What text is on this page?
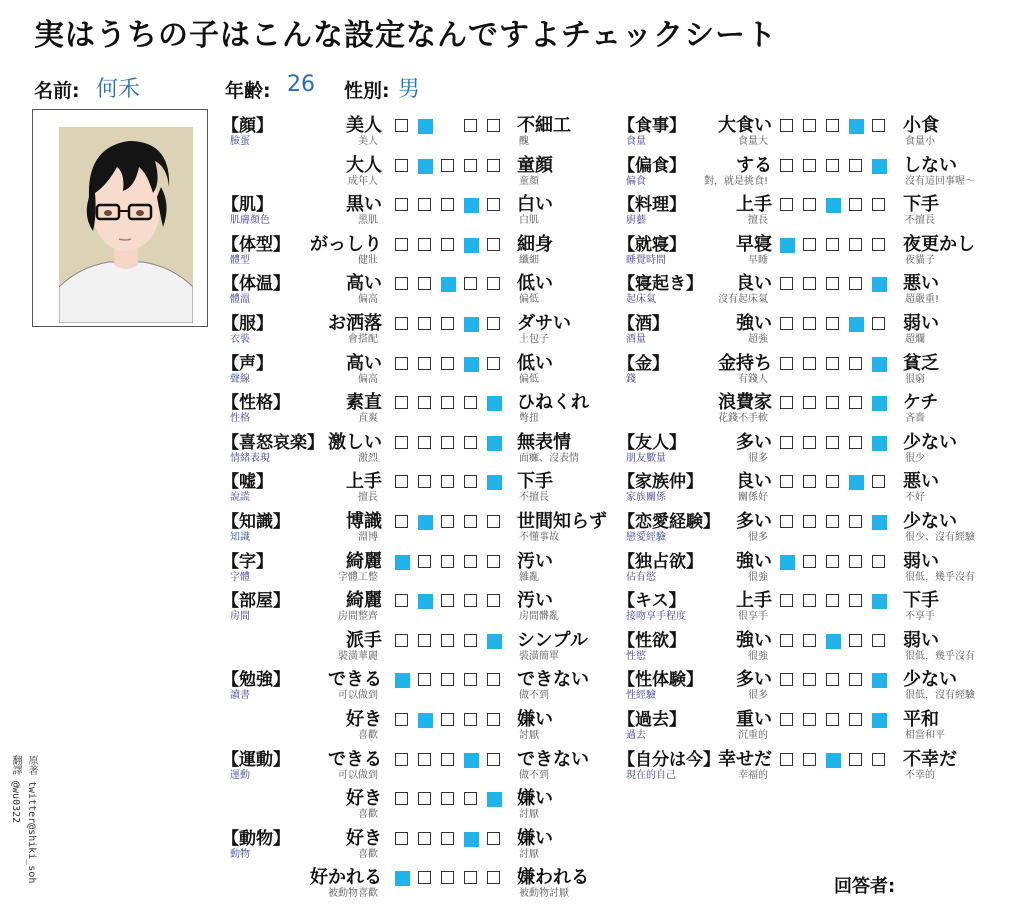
実はうちの子はこんな設定なんですよチェックシート
名前: 何禾	年齢: 26 性別: 男
【顔】
臉蛋
美人
美人
不細工
醜
大人
成年人
童顔
童顏
【肌】
肌膚顏色
黒い
黑肌
白い
白肌
【体型】
體型
がっしり
健壯
細身
纖細
【体温】
體溫
高い
偏高
低い
偏低
【服】
衣裝
お洒落
會搭配
ダサい
土包子
【声】
聲線
高い
偏高
低い
偏低
【性格】
性格
素直
直爽
ひねくれ
彆扭
【喜怒哀楽】
情緒表現
激しい
激烈
無表情
面癱、沒表情
【嘘】
說謊
上手
擅長
下手
不擅長
【知識】
知識
博識
淵博
世間知らず
不懂事故
【字】
字體
綺麗
字體工整
汚い
雜亂
【部屋】
房間
綺麗
房間整齊
汚い
房間髒亂
派手
裝潢華麗
シンプル
裝潢簡單
【勉強】
讀書
できる
可以做到
できない
做不到
好き
喜歡
嫌い
討厭
【運動】
運動
できる
可以做到
できない
做不到
好き
喜歡
嫌い
討厭
【動物】
動物
好き
喜歡
嫌い
討厭
好かれる
被動物喜歡
嫌われる
被動物討厭
【食事】
食量
大食い
食量大
小食
食量小
【偏食】
偏食
する
對，就是挑食!
しない
沒有這回事喔～
【料理】
廚藝
上手
擅長
下手
不擅長
【就寝】
睡覺時間
早寝
早睡
夜更かし
夜貓子
【寝起き】
起床氣
良い
沒有起床氣
悪い
超嚴重!
【酒】
酒量
強い
超強
弱い
超爛
【金】
錢
金持ち
有錢人
貧乏
很窮
浪費家
花錢不手軟
ケチ
吝嗇
【友人】
朋友數量
多い
很多
少ない
很少
【家族仲】
家族關係
良い
關係好
悪い
不好
【恋愛経験】
戀愛經驗
多い
很多
少ない
很少、沒有經驗
【独占欲】
佔有慾
強い
很強
弱い
很低，幾乎沒有
【キス】
接吻享手程度
上手
很享手
下手
不享手
【性欲】
性慾
強い
很強
弱い
很低，幾乎沒有
【性体験】
性經驗
多い
很多
少ない
很低，沒有經驗
【過去】
過去
重い
沉重的
平和
相當和平
【自分は今】
現在的自己
幸せだ
幸福的
不幸だ
不幸的
回答者:
原著 twitter@shiki_soh
翻譯 @wu0322
